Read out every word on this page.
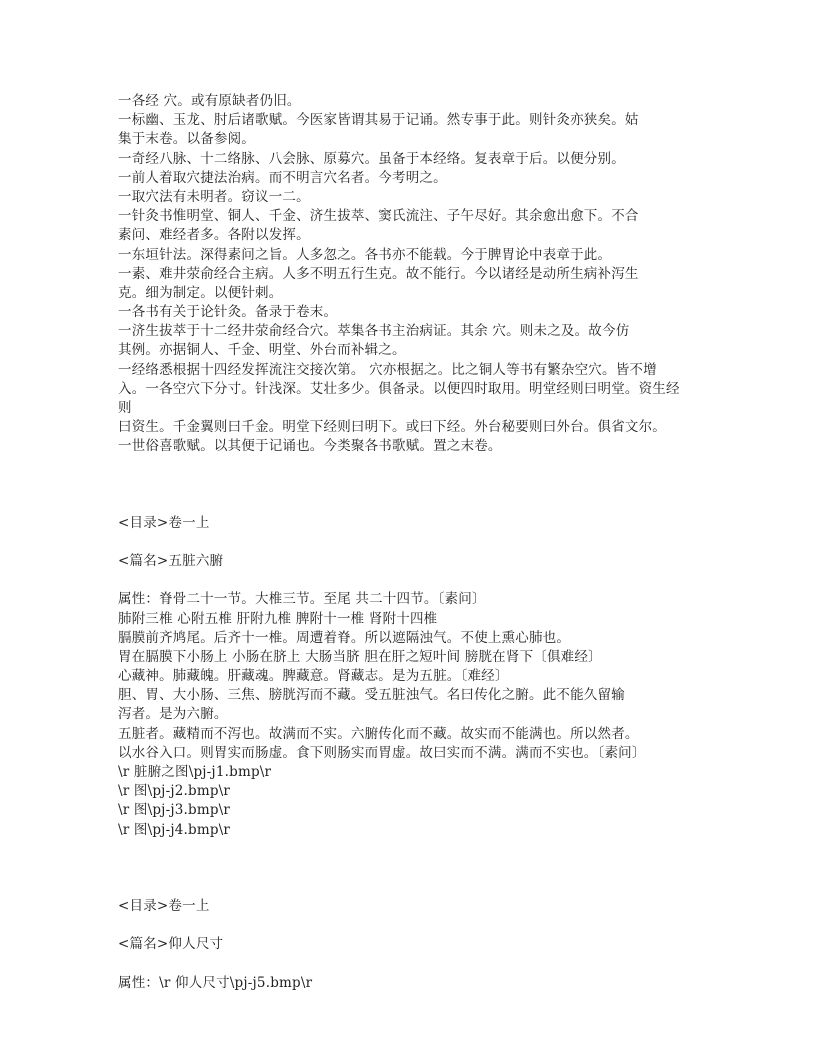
一各经 穴。或有原缺者仍旧。
一标幽、玉龙、肘后诸歌赋。今医家皆谓其易于记诵。然专事于此。则针灸亦狭矣。姑
集于末卷。以备参阅。
一奇经八脉、十二络脉、八会脉、原募穴。虽备于本经络。复表章于后。以便分别。
一前人着取穴捷法治病。而不明言穴名者。今考明之。
一取穴法有未明者。窃议一二。
一针灸书惟明堂、铜人、千金、济生拔萃、窦氏流注、子午尽好。其余愈出愈下。不合
素问、难经者多。各附以发挥。
一东垣针法。深得素问之旨。人多忽之。各书亦不能载。今于脾胃论中表章于此。
一素、难井荥俞经合主病。人多不明五行生克。故不能行。今以诸经是动所生病补泻生
克。细为制定。以便针刺。
一各书有关于论针灸。备录于卷末。
一济生拔萃于十二经井荥俞经合穴。萃集各书主治病证。其余 穴。则未之及。故今仿
其例。亦据铜人、千金、明堂、外台而补辑之。
一经络悉根据十四经发挥流注交接次第。 穴亦根据之。比之铜人等书有繁杂空穴。皆不增
入。一各空穴下分寸。针浅深。艾壮多少。俱备录。以便四时取用。明堂经则曰明堂。资生经
则
曰资生。千金翼则曰千金。明堂下经则曰明下。或曰下经。外台秘要则曰外台。俱省文尔。
一世俗喜歌赋。以其便于记诵也。今类聚各书歌赋。置之末卷。
<目录>卷一上
<篇名>五脏六腑
属性：脊骨二十一节。大椎三节。至尾 共二十四节。〔素问〕
肺附三椎 心附五椎 肝附九椎 脾附十一椎 肾附十四椎
膈膜前齐鸠尾。后齐十一椎。周遭着脊。所以遮隔浊气。不使上熏心肺也。
胃在膈膜下小肠上 小肠在脐上 大肠当脐 胆在肝之短叶间 膀胱在肾下〔俱难经〕
心藏神。肺藏魄。肝藏魂。脾藏意。肾藏志。是为五脏。〔难经〕
胆、胃、大小肠、三焦、膀胱泻而不藏。受五脏浊气。名曰传化之腑。此不能久留输
泻者。是为六腑。
五脏者。藏精而不泻也。故满而不实。六腑传化而不藏。故实而不能满也。所以然者。
以水谷入口。则胃实而肠虚。食下则肠实而胃虚。故曰实而不满。满而不实也。〔素问〕
\r 脏腑之图\pj-j1.bmp\r
\r 图\pj-j2.bmp\r
\r 图\pj-j3.bmp\r
\r 图\pj-j4.bmp\r
<目录>卷一上
<篇名>仰人尺寸
属性：\r 仰人尺寸\pj-j5.bmp\r
